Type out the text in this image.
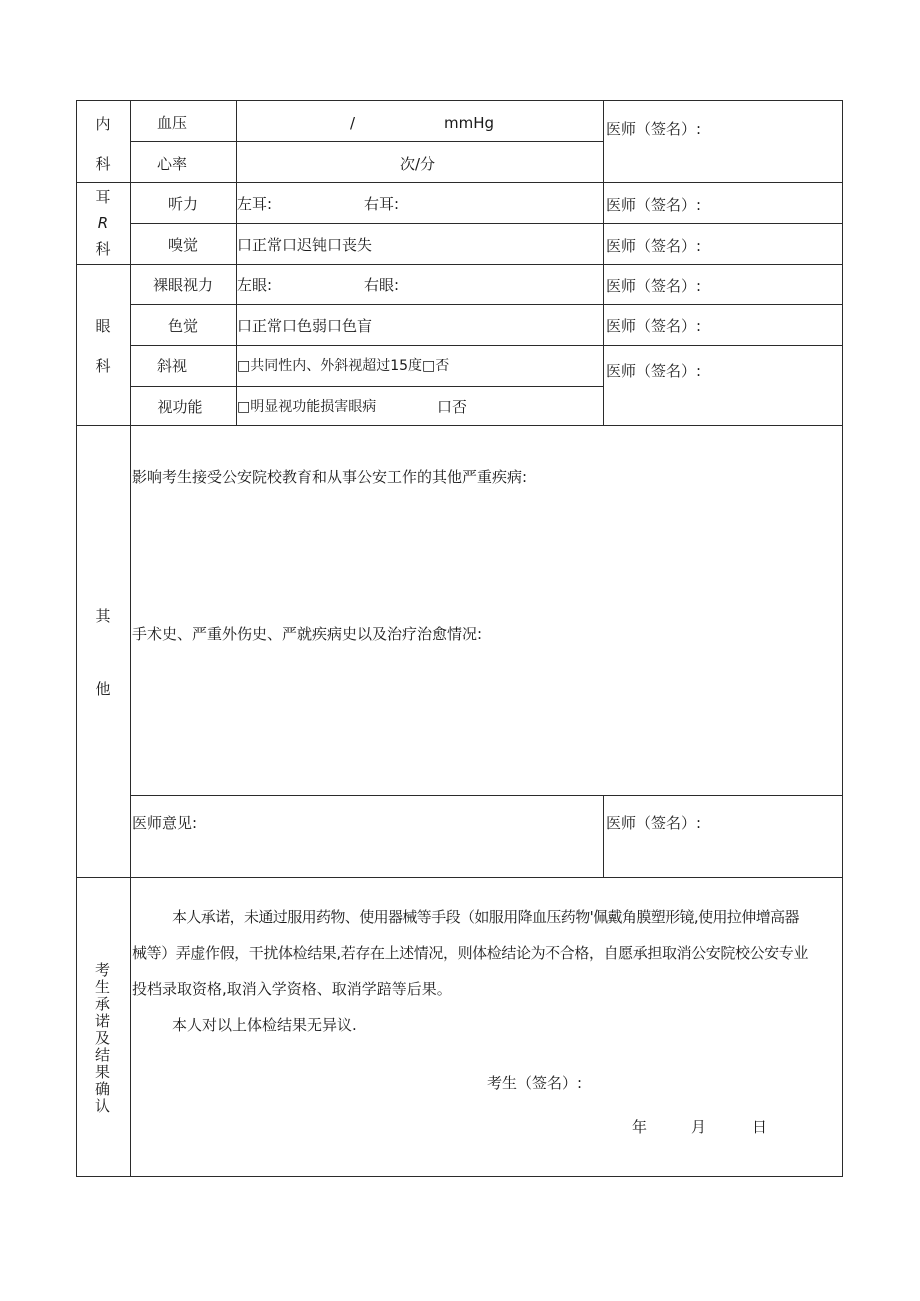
内
科
血压	/	mmHg
心率	次/分
医师（签名）:
耳
R
科
听力	左耳:	右耳:	医师（签名）:
嗅觉	口正常口迟钝口丧失	医师（签名）:
眼
科
裸眼视力 左眼:	右眼:	医师（签名）:
色觉	口正常口色弱口色盲	医师（签名）:
斜视	□共同性内、外斜视超过15度□否	医师（签名）:
视功能 □明显视功能损害眼病	口否
其
他
影响考生接受公安院校教育和从事公安工作的其他严重疾病:
手术史、严重外伤史、严就疾病史以及治疗治愈情况:
医师意见:	医师（签名）:
考生承诺及结果确认
本人承诺，未通过服用药物、使用器械等手段（如服用降血压药物'佩戴角膜塑形镜,使用拉伸增高器
械等）弄虚作假，干扰体检结果,若存在上述情况，则体检结论为不合格，自愿承担取消公安院校公安专业
投档录取资格,取消入学资格、取消学踣等后果。
本人对以上体检结果无异议.
考生（签名）:
年	月	日
